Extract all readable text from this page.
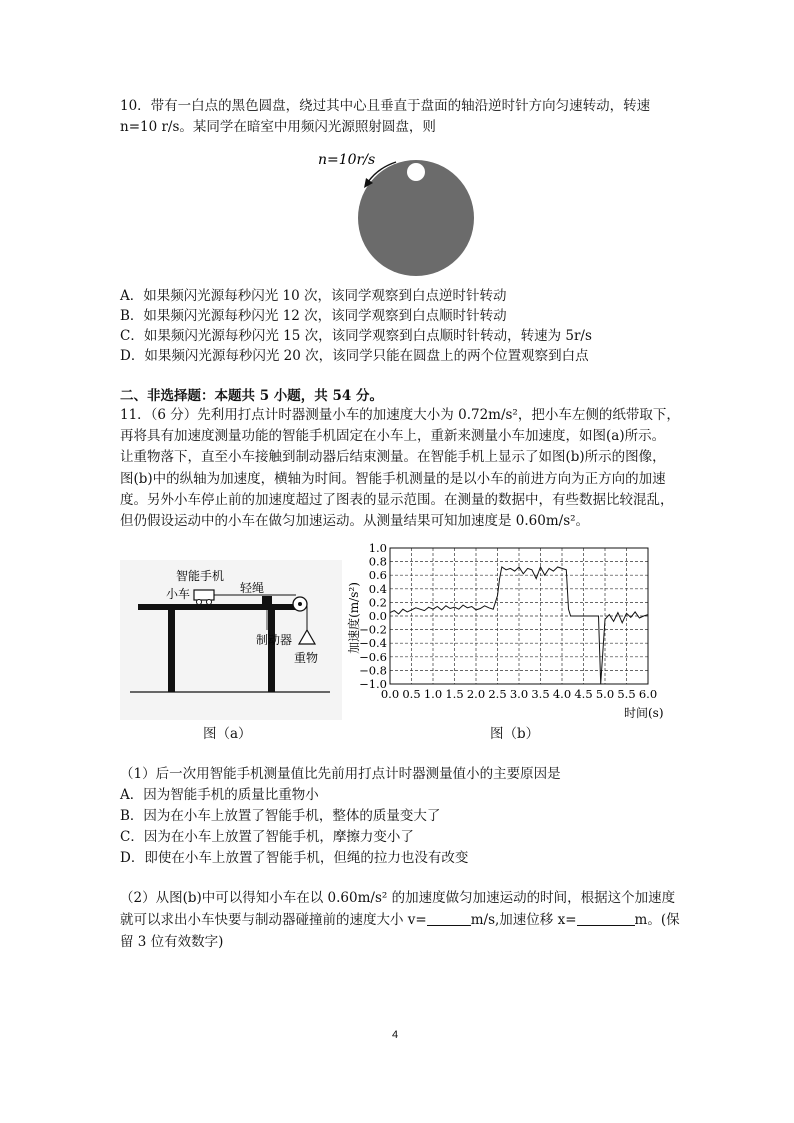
10．带有一白点的黑色圆盘，绕过其中心且垂直于盘面的轴沿逆时针方向匀速转动，转速
n=10 r/s。某同学在暗室中用频闪光源照射圆盘，则
n=10r/s
A．如果频闪光源每秒闪光 10 次，该同学观察到白点逆时针转动
B．如果频闪光源每秒闪光 12 次，该同学观察到白点顺时针转动
C．如果频闪光源每秒闪光 15 次，该同学观察到白点顺时针转动，转速为 5r/s
D．如果频闪光源每秒闪光 20 次，该同学只能在圆盘上的两个位置观察到白点
二、非选择题：本题共 5 小题，共 54 分。
11．（6 分）先利用打点计时器测量小车的加速度大小为 0.72m/s²，把小车左侧的纸带取下，
再将具有加速度测量功能的智能手机固定在小车上，重新来测量小车加速度，如图(a)所示。
让重物落下，直至小车接触到制动器后结束测量。在智能手机上显示了如图(b)所示的图像，
图(b)中的纵轴为加速度，横轴为时间。智能手机测量的是以小车的前进方向为正方向的加速
度。另外小车停止前的加速度超过了图表的显示范围。在测量的数据中，有些数据比较混乱，
但仍假设运动中的小车在做匀加速运动。从测量结果可知加速度是 0.60m/s²。
智能手机
小车	轻绳
制动器
重物
图（a）
1.0
0.8
0.6
0.4
0.2
0.0
−0.2
−0.4
−0.6
−0.8
−1.0
0.0 0.5 1.0 1.5 2.0 2.5 3.0 3.5 4.0 4.5 5.0 5.5 6.0
加速度(m/s²)
时间(s)
图（b）
（1）后一次用智能手机测量值比先前用打点计时器测量值小的主要原因是
A．因为智能手机的质量比重物小
B．因为在小车上放置了智能手机，整体的质量变大了
C．因为在小车上放置了智能手机，摩擦力变小了
D．即使在小车上放置了智能手机，但绳的拉力也没有改变
（2）从图(b)中可以得知小车在以 0.60m/s² 的加速度做匀加速运动的时间，根据这个加速度
就可以求出小车快要与制动器碰撞前的速度大小 v=	m/s,加速位移 x=	m。(保
留 3 位有效数字)
4
